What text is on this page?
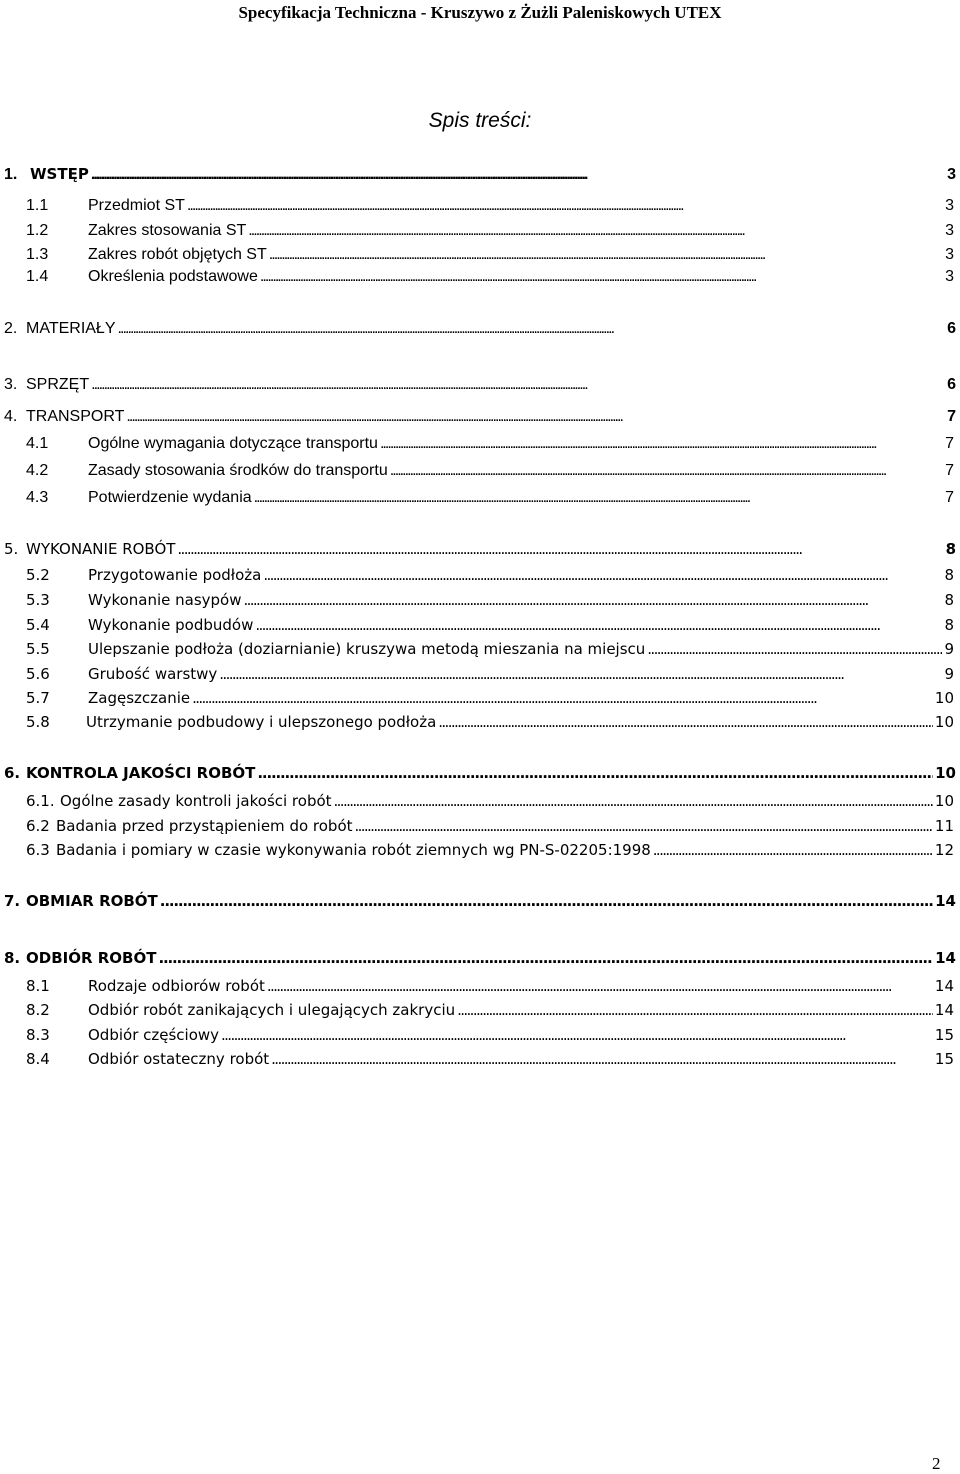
Specyfikacja Techniczna - Kruszywo z Żużli Paleniskowych UTEX
Spis treści:
1. WSTĘP . . .	3
1.1	Przedmiot ST . . .	3
1.2	Zakres stosowania ST . . .	3
1.3	Zakres robót objętych ST . . .	3
1.4	Określenia podstawowe . . .	3
2. MATERIAŁY . . .	6
3. SPRZĘT . . .	6
4. TRANSPORT . . .	7
4.1	Ogólne wymagania dotyczące transportu . . .	7
4.2	Zasady stosowania środków do transportu . . .	7
4.3	Potwierdzenie wydania . . .	7
5. WYKONANIE ROBÓT . . .	8
5.2	Przygotowanie podłoża . . .	8
5.3	Wykonanie nasypów . . .	8
5.4	Wykonanie podbudów . . .	8
5.5	Ulepszanie podłoża (doziarnianie) kruszywa metodą mieszania na miejscu . . .	9
5.6	Grubość warstwy . . .	9
5.7	Zagęszczanie . . .	10
5.8	Utrzymanie podbudowy i ulepszonego podłoża . . .	10
6. KONTROLA JAKOŚCI ROBÓT . . .	10
6.1. Ogólne zasady kontroli jakości robót . . .	10
6.2 Badania przed przystąpieniem do robót . . .	11
6.3 Badania i pomiary w czasie wykonywania robót ziemnych wg PN-S-02205:1998 . . .	12
7. OBMIAR ROBÓT . . .	14
8. ODBIÓR ROBÓT . . .	14
8.1	Rodzaje odbiorów robót . . .	14
8.2	Odbiór robót zanikających i ulegających zakryciu . . .	14
8.3	Odbiór częściowy . . .	15
8.4	Odbiór ostateczny robót . . .	15
2
